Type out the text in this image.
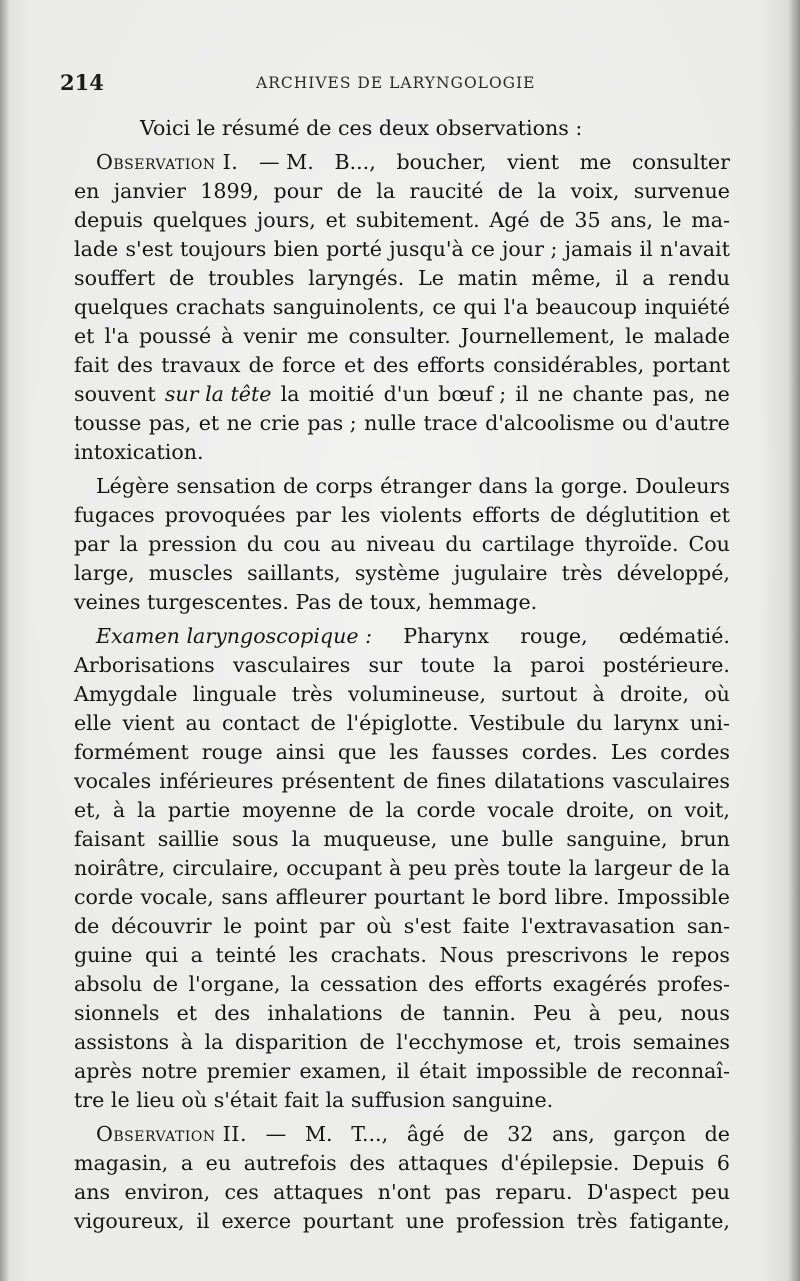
214	ARCHIVES DE LARYNGOLOGIE
Voici le résumé de ces deux observations :
Observation I. — M. B..., boucher, vient me consulter
en janvier 1899, pour de la raucité de la voix, survenue
depuis quelques jours, et subitement. Agé de 35 ans, le ma-
lade s'est toujours bien porté jusqu'à ce jour ; jamais il n'avait
souffert de troubles laryngés. Le matin même, il a rendu
quelques crachats sanguinolents, ce qui l'a beaucoup inquiété
et l'a poussé à venir me consulter. Journellement, le malade
fait des travaux de force et des efforts considérables, portant
souvent sur la tête la moitié d'un bœuf ; il ne chante pas, ne
tousse pas, et ne crie pas ; nulle trace d'alcoolisme ou d'autre
intoxication.
Légère sensation de corps étranger dans la gorge. Douleurs
fugaces provoquées par les violents efforts de déglutition et
par la pression du cou au niveau du cartilage thyroïde. Cou
large, muscles saillants, système jugulaire très développé,
veines turgescentes. Pas de toux, hemmage.
Examen laryngoscopique : Pharynx rouge, œdématié.
Arborisations vasculaires sur toute la paroi postérieure.
Amygdale linguale très volumineuse, surtout à droite, où
elle vient au contact de l'épiglotte. Vestibule du larynx uni-
formément rouge ainsi que les fausses cordes. Les cordes
vocales inférieures présentent de fines dilatations vasculaires
et, à la partie moyenne de la corde vocale droite, on voit,
faisant saillie sous la muqueuse, une bulle sanguine, brun
noirâtre, circulaire, occupant à peu près toute la largeur de la
corde vocale, sans affleurer pourtant le bord libre. Impossible
de découvrir le point par où s'est faite l'extravasation san-
guine qui a teinté les crachats. Nous prescrivons le repos
absolu de l'organe, la cessation des efforts exagérés profes-
sionnels et des inhalations de tannin. Peu à peu, nous
assistons à la disparition de l'ecchymose et, trois semaines
après notre premier examen, il était impossible de reconnaî-
tre le lieu où s'était fait la suffusion sanguine.
Observation II. — M. T..., âgé de 32 ans, garçon de
magasin, a eu autrefois des attaques d'épilepsie. Depuis 6
ans environ, ces attaques n'ont pas reparu. D'aspect peu
vigoureux, il exerce pourtant une profession très fatigante,
